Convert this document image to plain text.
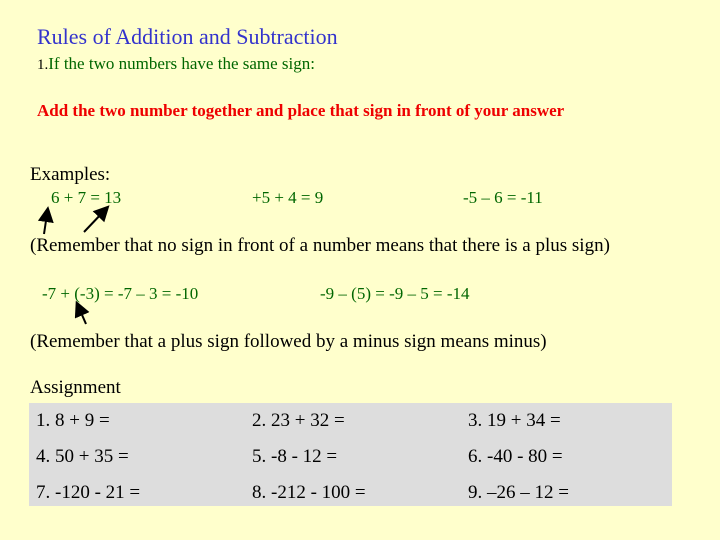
Rules of Addition and Subtraction
1.If the two numbers have the same sign:
Add the two number together and place that sign in front of your answer
Examples:
6 + 7 = 13	+5 + 4 = 9	-5 – 6 = -11
(Remember that no sign in front of a number means that there is a plus sign)
-7 + (-3) = -7 – 3 = -10	-9 – (5) = -9 – 5 = -14
(Remember that a plus sign followed by a minus sign means minus)
Assignment
1. 8 + 9 =	2. 23 + 32 =	3. 19 + 34 =
4. 50 + 35 =	5. -8 - 12 =	6. -40 - 80 =
7. -120 - 21 =	8. -212 - 100 =	9. –26 – 12 =
